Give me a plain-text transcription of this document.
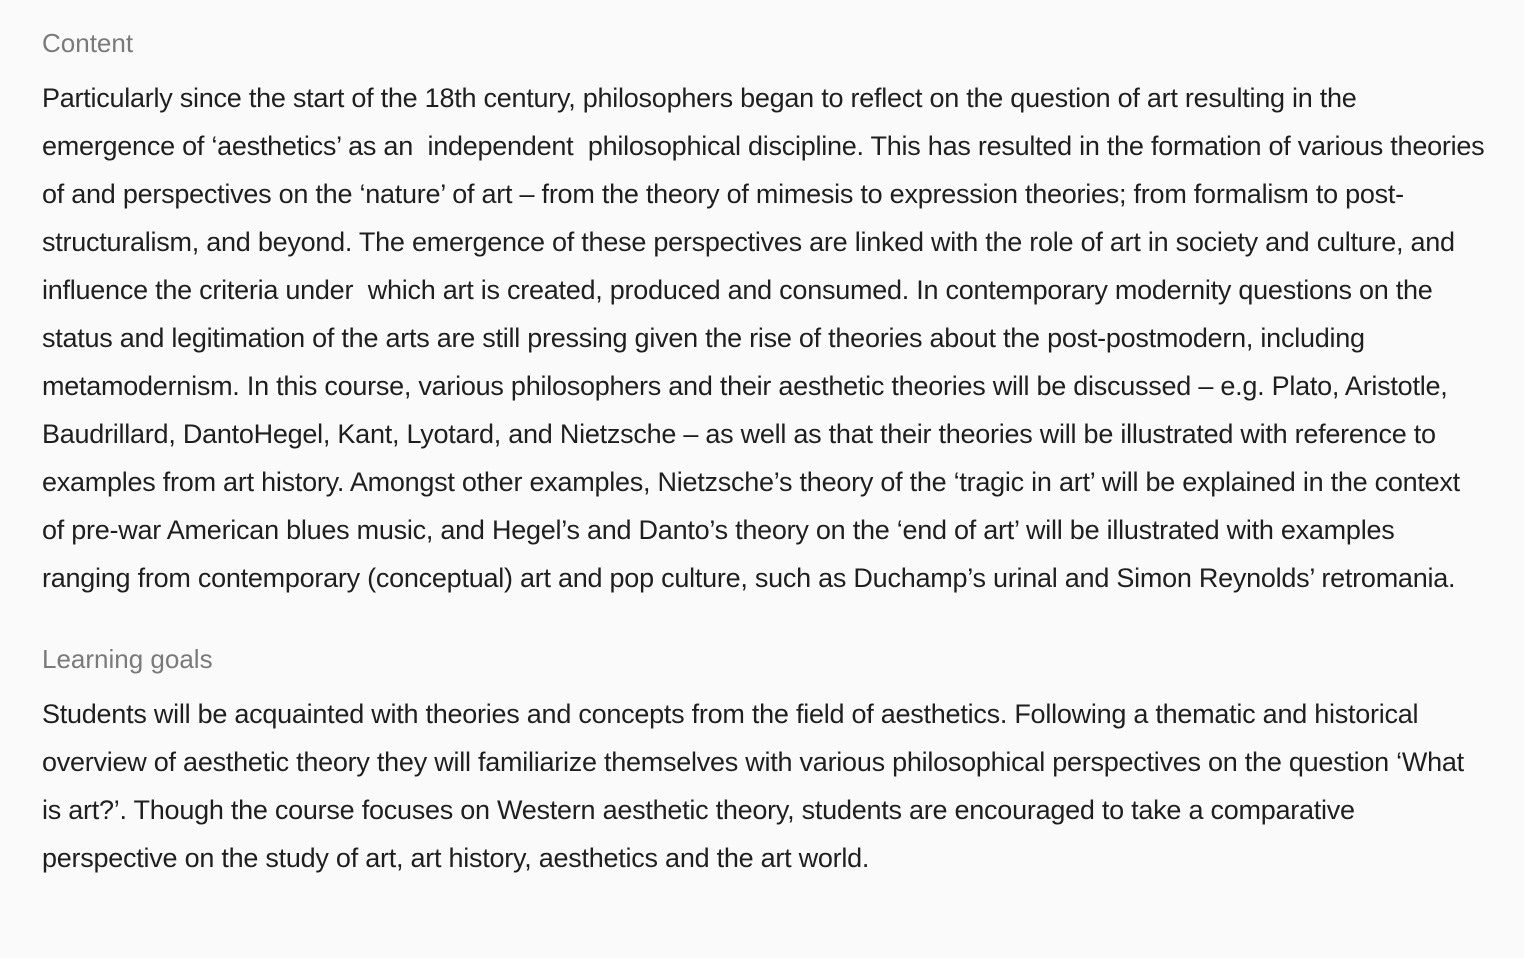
Content

Particularly since the start of the 18th century, philosophers began to reflect on the question of art resulting in the emergence of ‘aesthetics’ as an  independent  philosophical discipline. This has resulted in the formation of various theories of and perspectives on the ‘nature’ of art – from the theory of mimesis to expression theories; from formalism to post-structuralism, and beyond. The emergence of these perspectives are linked with the role of art in society and culture, and influence the criteria under  which art is created, produced and consumed. In contemporary modernity questions on the status and legitimation of the arts are still pressing given the rise of theories about the post-postmodern, including metamodernism. In this course, various philosophers and their aesthetic theories will be discussed – e.g. Plato, Aristotle, Baudrillard, DantoHegel, Kant, Lyotard, and Nietzsche – as well as that their theories will be illustrated with reference to examples from art history. Amongst other examples, Nietzsche’s theory of the ‘tragic in art’ will be explained in the context of pre-war American blues music, and Hegel’s and Danto’s theory on the ‘end of art’ will be illustrated with examples ranging from contemporary (conceptual) art and pop culture, such as Duchamp’s urinal and Simon Reynolds’ retromania.

Learning goals

Students will be acquainted with theories and concepts from the field of aesthetics. Following a thematic and historical overview of aesthetic theory they will familiarize themselves with various philosophical perspectives on the question ‘What is art?’. Though the course focuses on Western aesthetic theory, students are encouraged to take a comparative perspective on the study of art, art history, aesthetics and the art world.
